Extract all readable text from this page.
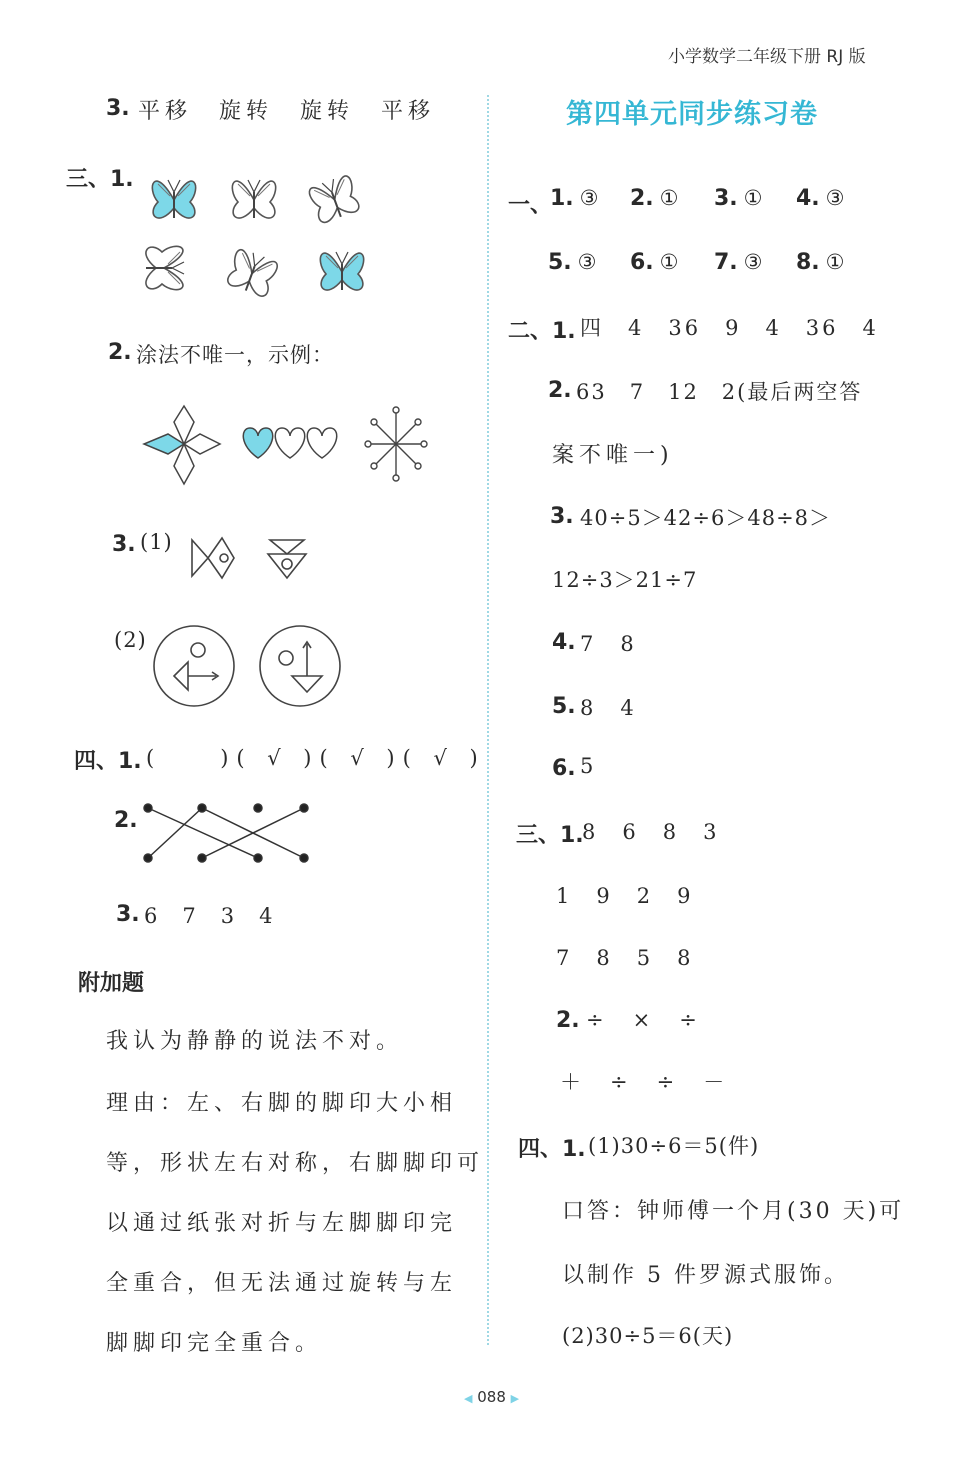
小学数学二年级下册 RJ 版
3. 平移　旋转　旋转　平移
三、1.
2. 涂法不唯一，示例：
3. (1)
(2)
四、1. (　　)( √ )( √ )( √ )
2.
3. 6　7　3　4
附加题
我认为静静的说法不对。
理由：左、右脚的脚印大小相
等，形状左右对称，右脚脚印可
以通过纸张对折与左脚脚印完
全重合，但无法通过旋转与左
脚脚印完全重合。
第四单元同步练习卷
一、
1. ③ 2. ① 3. ① 4. ③
5. ③ 6. ① 7. ③ 8. ①
二、1. 四　4　36　9　4　36　4
2. 63　7　12　2(最后两空答
案不唯一)
3. 40÷5＞42÷6＞48÷8＞
12÷3＞21÷7
4. 7　8
5. 8　4
6. 5
三、1.
8　6　8　3
1　9　2　9
7　8　5　8
2. ÷　×　÷
＋　÷　÷　－
四、1. (1)30÷6＝5(件)
口答：钟师傅一个月(30 天)可
以制作 5 件罗源式服饰。
(2)30÷5＝6(天)
◀ 088 ▶
